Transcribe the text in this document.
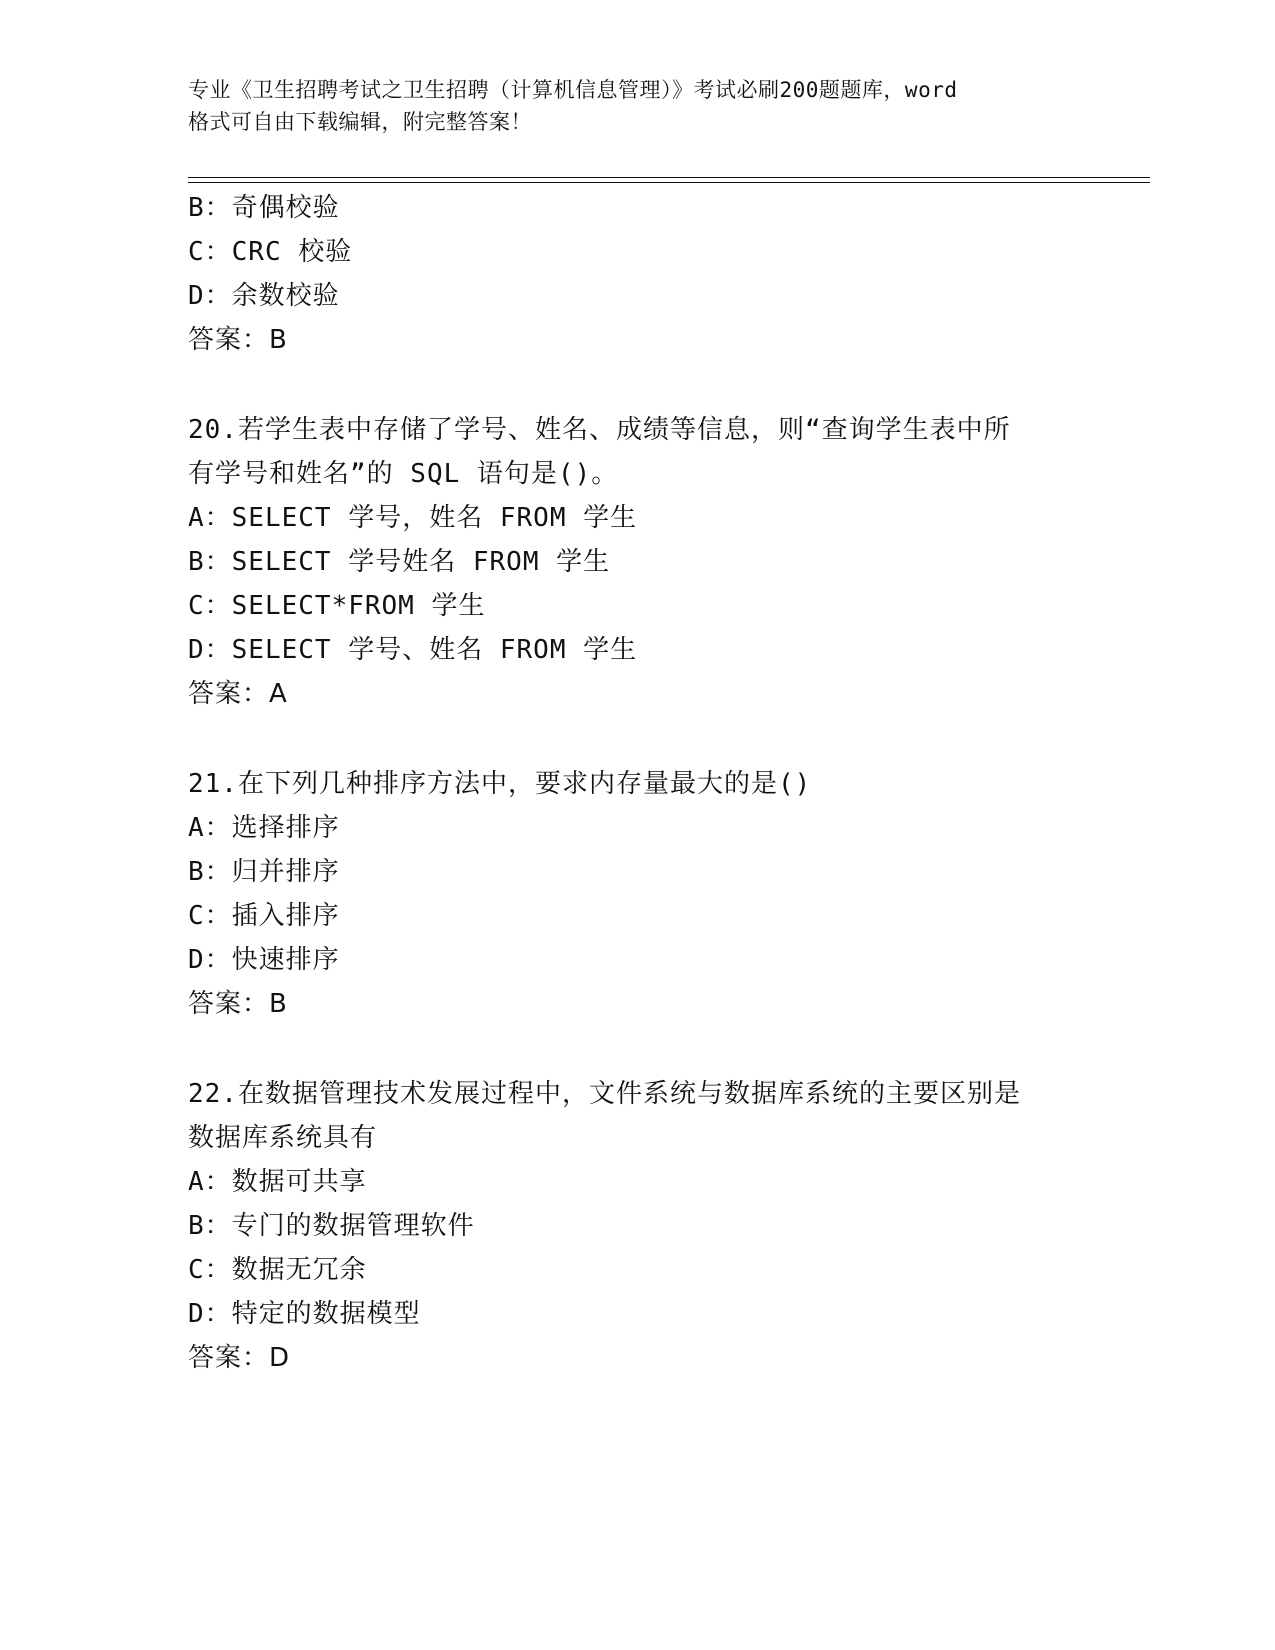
专业《卫生招聘考试之卫生招聘（计算机信息管理）》考试必刷200题题库，word
格式可自由下载编辑，附完整答案！
B：奇偶校验
C：CRC 校验
D：余数校验
答案：B
20.若学生表中存储了学号、姓名、成绩等信息，则“查询学生表中所
有学号和姓名”的 SQL 语句是()。
A：SELECT 学号，姓名 FROM 学生
B：SELECT 学号姓名 FROM 学生
C：SELECT*FROM 学生
D：SELECT 学号、姓名 FROM 学生
答案：A
21.在下列几种排序方法中，要求内存量最大的是()
A：选择排序
B：归并排序
C：插入排序
D：快速排序
答案：B
22.在数据管理技术发展过程中，文件系统与数据库系统的主要区别是
数据库系统具有
A：数据可共享
B：专门的数据管理软件
C：数据无冗余
D：特定的数据模型
答案：D
